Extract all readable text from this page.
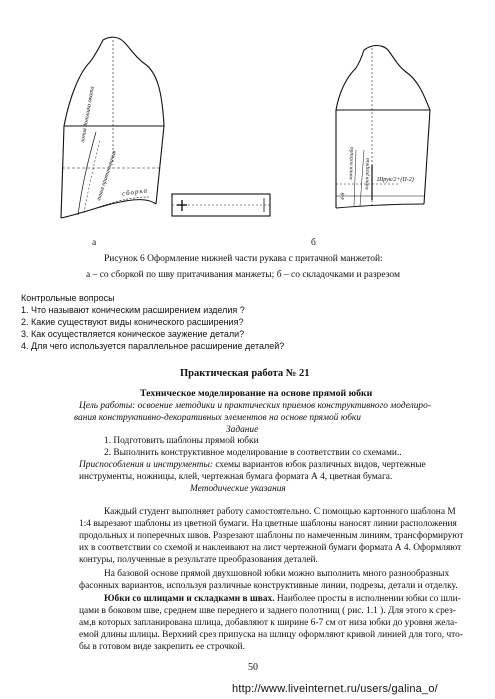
линия донышка оката
линия притачивания сборка
линия подгиба
4-8
линия разреза Шрук/2+(П-2)
а	б
Рисунок 6 Оформление нижней части рукава с притачной манжетой:
а – со сборкой по шву притачивания манжеты; б – со складочками и разрезом
Контрольные вопросы
1. Что называют коническим расширением изделия ?
2. Какие существуют виды конического расширения?
3. Как осуществляется коническое заужение детали?
4. Для чего используется параллельное расширение деталей?
Практическая работа № 21
Техническое моделирование на основе прямой юбки
Цель работы: освоение методики и практических приемов конструктивного моделиро-
вания конструктивно-декоративных элементов на основе прямой юбки
Задание
1. Подготовить шаблоны прямой юбки
2. Выполнить конструктивное моделирование в соответствии со схемами..
Приспособления и инструменты: схемы вариантов юбок различных видов, чертежные
инструменты, ножницы, клей, чертежная бумага формата А 4, цветная бумага.
Методические указания
Каждый студент выполняет работу самостоятельно. С помощью картонного шаблона М
1:4 вырезают шаблоны из цветной бумаги. На цветные шаблоны наносят линии расположения
продольных и поперечных швов. Разрезают шаблоны по намеченным линиям, трансформируют
их в соответствии со схемой и наклеивают на лист чертежной бумаги формата А 4. Оформляют
контуры, полученные в результате преобразования деталей.
На базовой основе прямой двухшовной юбки можно выполнить много разнообразных
фасонных вариантов, используя различные конструктивные линии, подрезы, детали и отделку.
Юбки со шлицами и складками в швах. Наиболее просты в исполнении юбки со шли-
цами в боковом шве, среднем шве переднего и заднего полотнищ ( рис. 1.1 ). Для этого к срез-
ам,в которых запланирована шлица, добавляют к ширине 6-7 см от низа юбки до уровня жела-
емой длины шлицы. Верхний срез припуска на шлицу оформляют кривой линией для того, что-
бы в готовом виде закрепить ее строчкой.
50
http://www.liveinternet.ru/users/galina_o/
